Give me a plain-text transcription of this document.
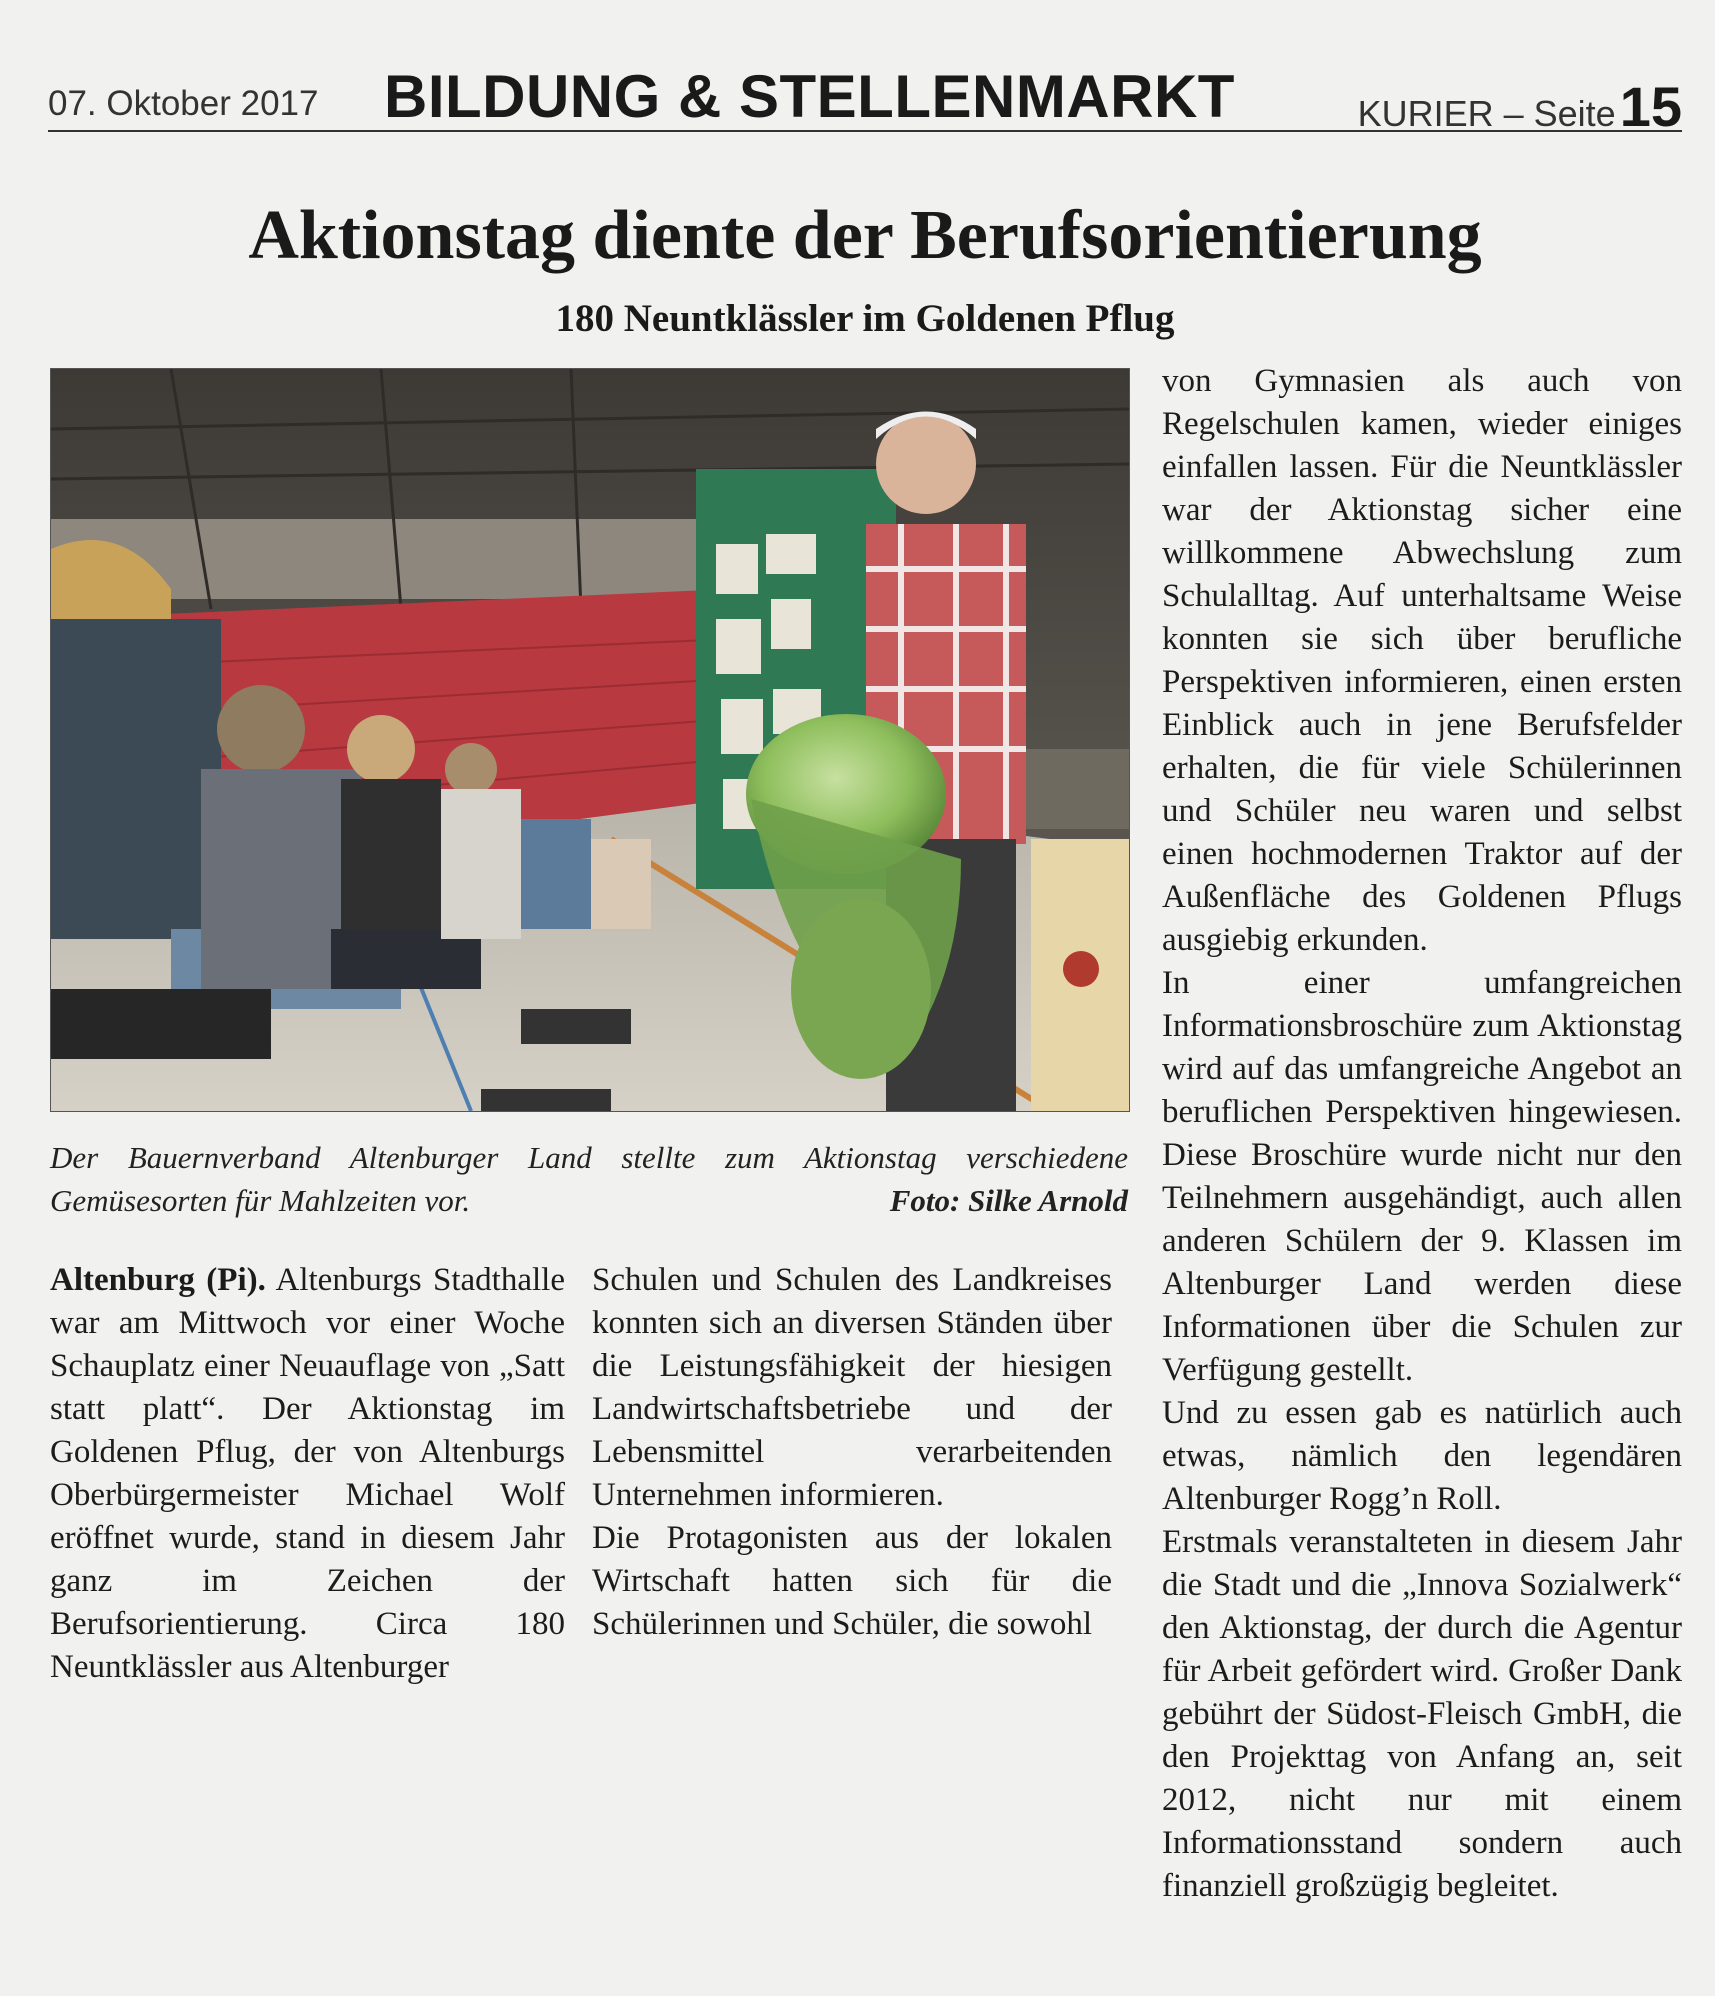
07. Oktober 2017 BILDUNG & STELLENMARKT	KURIER – Seite15
Aktionstag diente der Berufsorientierung
180 Neuntklässler im Goldenen Pflug
Der Bauernverband Altenburger Land stellte zum Aktionstag verschiedene Gemüsesorten für Mahlzeiten vor.	Foto: Silke Arnold

Altenburg (Pi). Altenburgs Stadthalle war am Mittwoch vor einer Woche Schauplatz einer Neuauflage von „Satt statt platt“. Der Aktionstag im Goldenen Pflug, der von Altenburgs Oberbürgermeister Michael Wolf eröffnet wurde, stand in diesem Jahr ganz im Zeichen der Berufsorientierung. Circa 180 Neuntklässler aus Altenburger

Schulen und Schulen des Landkreises konnten sich an diversen Ständen über die Leistungsfähigkeit der hiesigen Landwirtschaftsbetriebe und der Lebensmittel verarbeitenden Unternehmen informieren.

Die Protagonisten aus der lokalen Wirtschaft hatten sich für die Schülerinnen und Schüler, die sowohl

von Gymnasien als auch von Regelschulen kamen, wieder einiges einfallen lassen. Für die Neuntklässler war der Aktionstag sicher eine willkommene Abwechslung zum Schulalltag. Auf unterhaltsame Weise konnten sie sich über berufliche Perspektiven informieren, einen ersten Einblick auch in jene Berufsfelder erhalten, die für viele Schülerinnen und Schüler neu waren und selbst einen hochmodernen Traktor auf der Außenfläche des Goldenen Pflugs ausgiebig erkunden.

In einer umfangreichen Informationsbroschüre zum Aktionstag wird auf das umfangreiche Angebot an beruflichen Perspektiven hingewiesen. Diese Broschüre wurde nicht nur den Teilnehmern ausgehändigt, auch allen anderen Schülern der 9. Klassen im Altenburger Land werden diese Informationen über die Schulen zur Verfügung gestellt.

Und zu essen gab es natürlich auch etwas, nämlich den legendären Altenburger Rogg’n Roll.

Erstmals veranstalteten in diesem Jahr die Stadt und die „Innova Sozialwerk“ den Aktionstag, der durch die Agentur für Arbeit gefördert wird. Großer Dank gebührt der Südost-Fleisch GmbH, die den Projekttag von Anfang an, seit 2012, nicht nur mit einem Informationsstand sondern auch finanziell großzügig begleitet.
